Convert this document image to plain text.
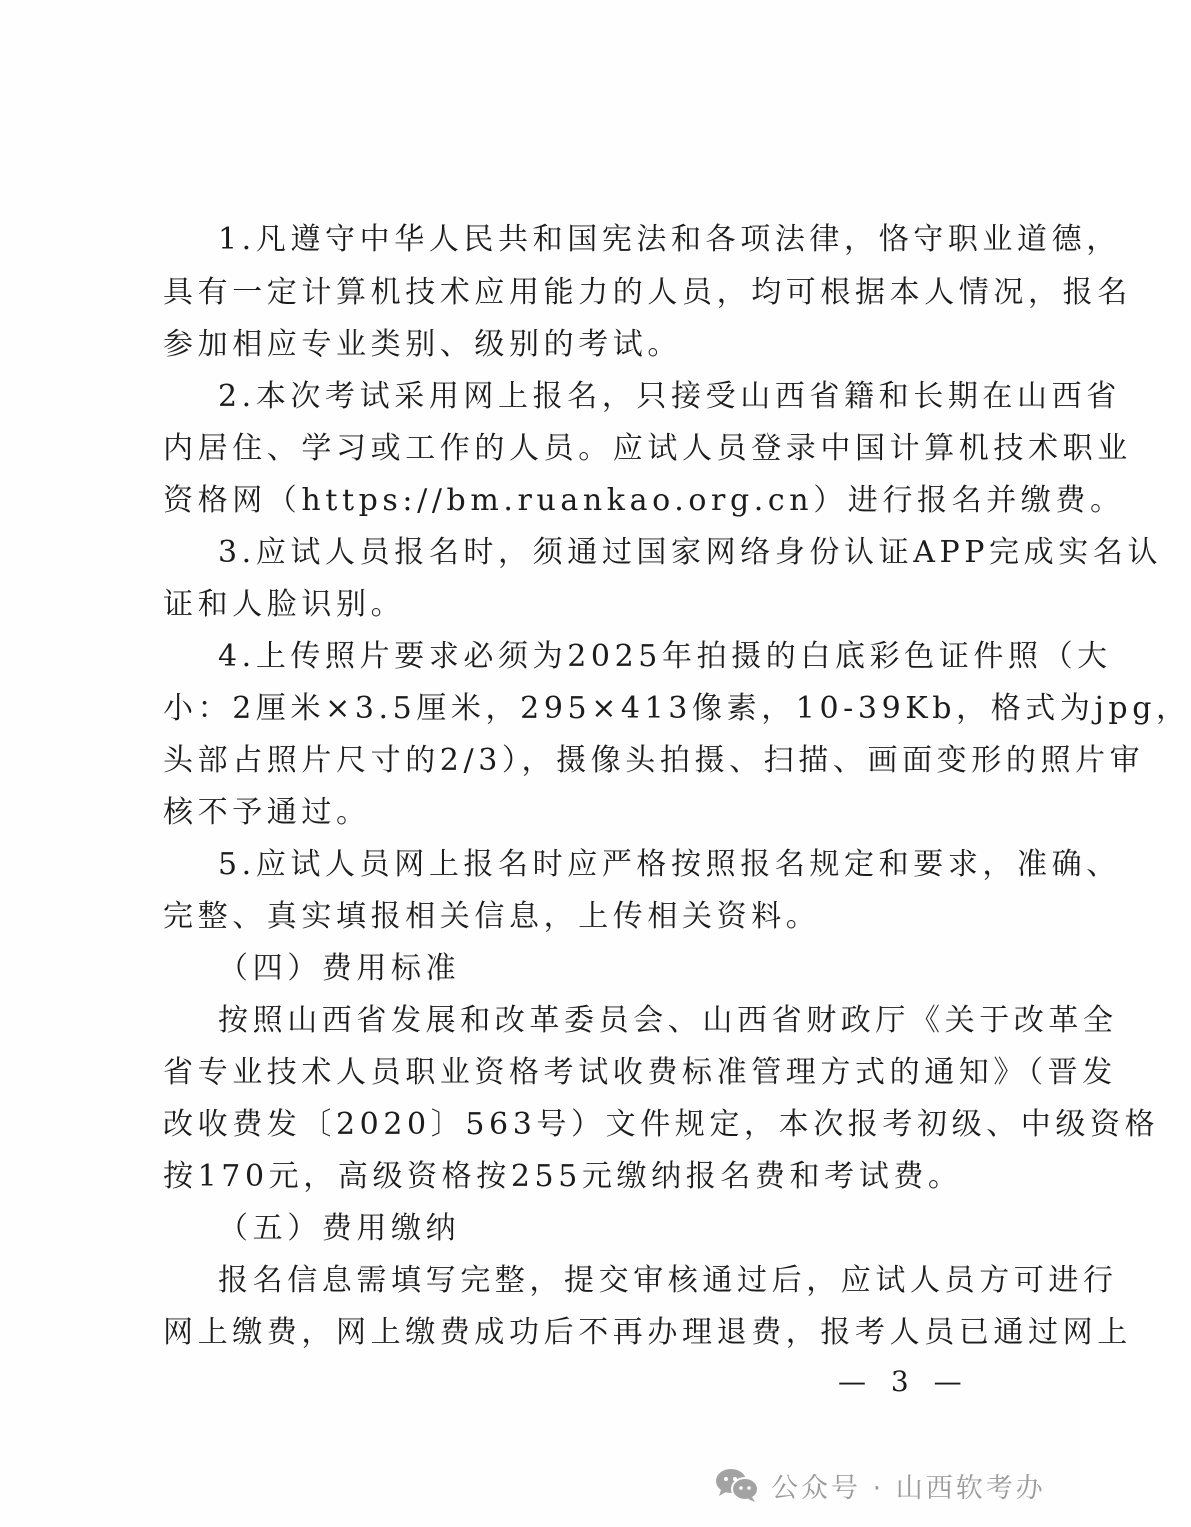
1.凡遵守中华人民共和国宪法和各项法律，恪守职业道德，
具有一定计算机技术应用能力的人员，均可根据本人情况，报名
参加相应专业类别、级别的考试。
2.本次考试采用网上报名，只接受山西省籍和长期在山西省
内居住、学习或工作的人员。应试人员登录中国计算机技术职业
资格网（https://bm.ruankao.org.cn）进行报名并缴费。
3.应试人员报名时，须通过国家网络身份认证APP完成实名认
证和人脸识别。
4.上传照片要求必须为2025年拍摄的白底彩色证件照（大
小：2厘米×3.5厘米，295×413像素，10-39Kb，格式为jpg，
头部占照片尺寸的2/3），摄像头拍摄、扫描、画面变形的照片审
核不予通过。
5.应试人员网上报名时应严格按照报名规定和要求，准确、
完整、真实填报相关信息，上传相关资料。
（四）费用标准
按照山西省发展和改革委员会、山西省财政厅《关于改革全
省专业技术人员职业资格考试收费标准管理方式的通知》（晋发
改收费发〔2020〕563号）文件规定，本次报考初级、中级资格
按170元，高级资格按255元缴纳报名费和考试费。
（五）费用缴纳
报名信息需填写完整，提交审核通过后，应试人员方可进行
网上缴费，网上缴费成功后不再办理退费，报考人员已通过网上
— 3 —
公众号 · 山西软考办
